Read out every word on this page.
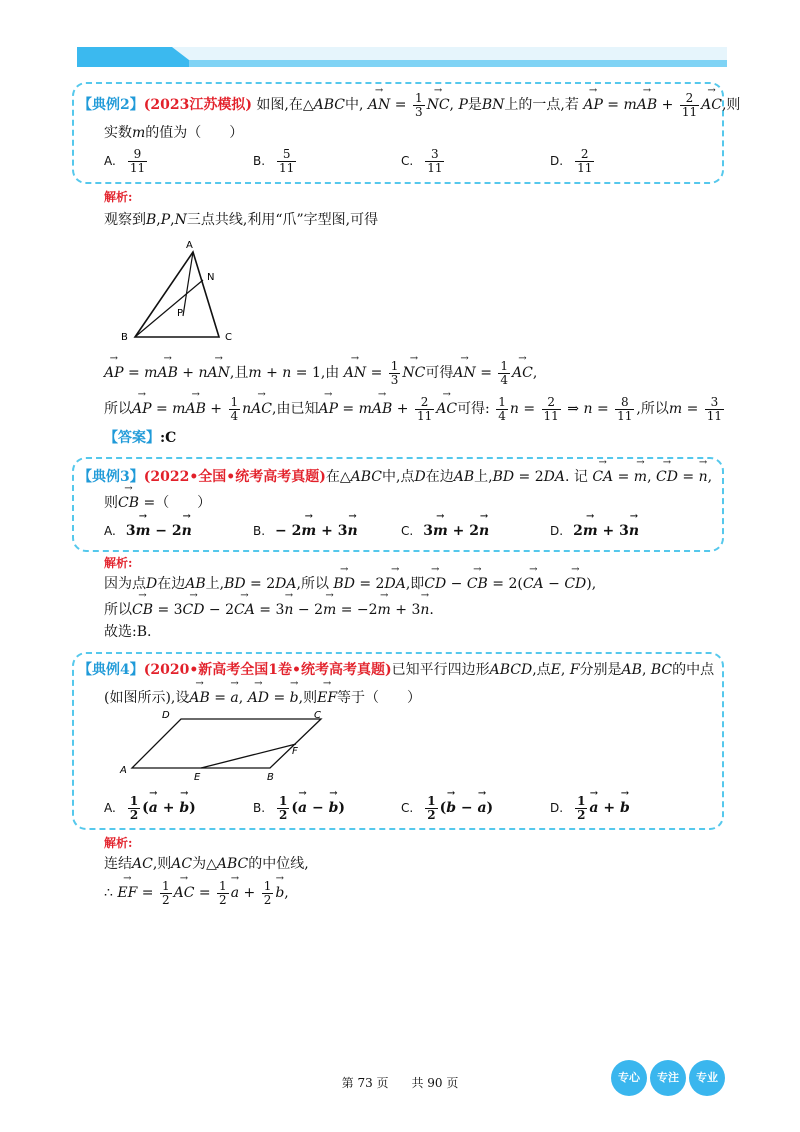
【典例2】(2023江苏模拟) 如图,在△ABC中, → AN = $\frac{1}{3}$
→ NC, P是BN上的一点,若 → AP = m→ AB + $\frac{2}{11}$
→ AC,则
实数m的值为（　　）
A. $\frac{9}{11}$	B. $\frac{5}{11}$	C. $\frac{3}{11}$	D. $\frac{2}{11}$
解析:
观察到B,P,N三点共线,利用“爪”字型图,可得
A
N
P
B	C
→ AP = m→ AB + n→ AN,且m + n = 1,由 → AN = $\frac{1}{3}$
→ NC可得→ AN = $\frac{1}{4}$
→ AC,
所以→ AP = m→ AB + $\frac{1}{4} n\to$ AC,由已知→ AP = m→ AB + $\frac{2}{11}$
→ AC可得: $\frac{1}{4}$ $n = \frac{2}{11}$ ⇒ $n = \frac{8}{11}$ ,所以$m = \frac{3}{11}$
【答案】:C
【典例3】(2022•全国•统考高考真题)在△ABC中,点D在边AB上,BD = 2DA. 记 → CA = → m, → CD = → n,
则→ CB =（　　）
A. 3→ m − 2→ n	B. − 2→ m + 3→ n	C. 3→ m + 2→ n	D. 2→ m + 3→ n
解析:
因为点D在边AB上,BD = 2DA,所以 → BD = 2→ DA,即→ CD − → CB = 2(→ CA − → CD),
所以→ CB = 3→ CD − 2→ CA = 3→ n − 2→ m = −2→ m + 3→ n.
故选:B.
【典例4】(2020•新高考全国1卷•统考高考真题)已知平行四边形ABCD,点E, F分别是AB, BC的中点
(如图所示),设→ AB = → a, → AD = → b,则→ EF等于（　　）
A
E	B
F
C
D
A. $\frac{1}{2}$ (→ a + → b)	B. $\frac{1}{2}$ (→ a − → b)	C. $\frac{1}{2}$ (→ b − → a)	D. $\frac{1}{2}$
→ a + → b
解析:
连结AC,则AC为△ABC的中位线,
∴ → EF = $\frac{1}{2}$
→ AC = $\frac{1}{2}$
→ $a + \frac{1}{2}$
→ b,
第 73 页 共 90 页	专心	专注	专业
